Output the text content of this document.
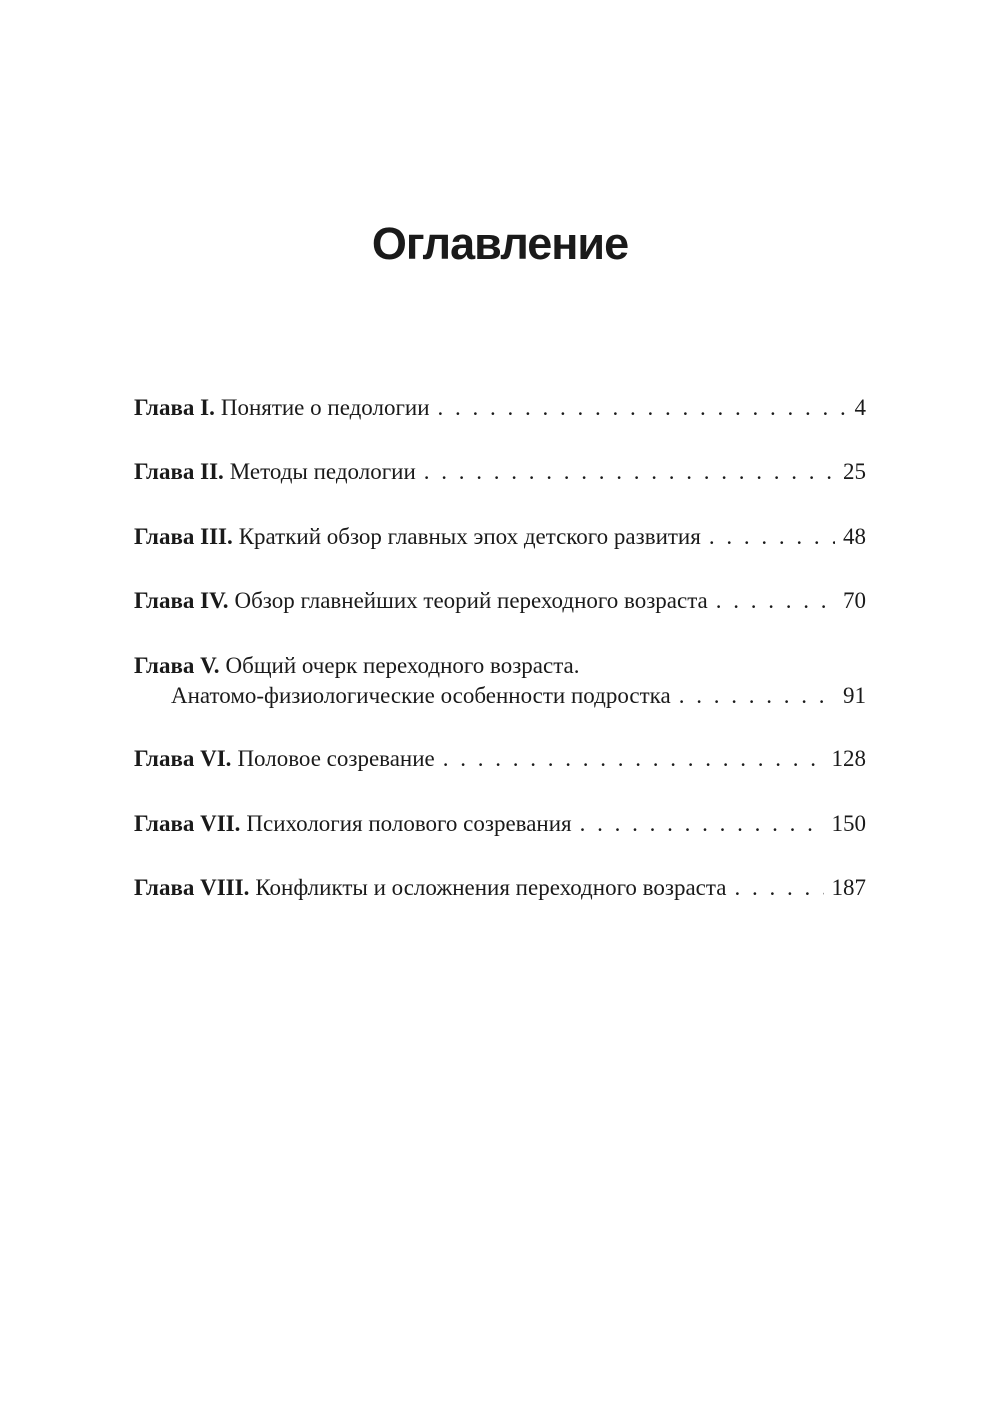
Оглавление
Глава I. Понятие о педологии . . .	4
Глава II. Методы педологии . . .	25
Глава III. Краткий обзор главных эпох детского развития . . .	48
Глава IV. Обзор главнейших теорий переходного возраста . . .	70
Глава V. Общий очерк переходного возраста.
Анатомо-физиологические особенности подростка . . .	91
Глава VI. Половое созревание . . .	128
Глава VII. Психология полового созревания . . .	150
Глава VIII. Конфликты и осложнения переходного возраста . . .	187
